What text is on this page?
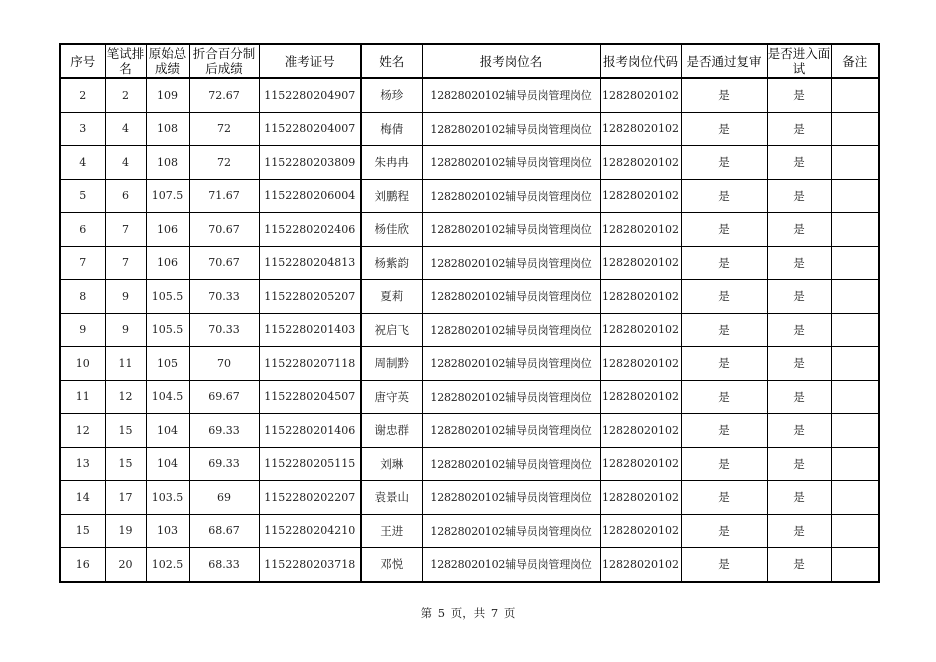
序号	笔试排名	原始总成绩	折合百分制后成绩	准考证号	姓名	报考岗位名	报考岗位代码	是否通过复审	是否进入面试	备注
2	2	109	72.67	1152280204907	杨珍	12828020102辅导员岗管理岗位	12828020102	是	是	
3	4	108	72	1152280204007	梅倩	12828020102辅导员岗管理岗位	12828020102	是	是	
4	4	108	72	1152280203809	朱冉冉	12828020102辅导员岗管理岗位	12828020102	是	是	
5	6	107.5	71.67	1152280206004	刘鹏程	12828020102辅导员岗管理岗位	12828020102	是	是	
6	7	106	70.67	1152280202406	杨佳欣	12828020102辅导员岗管理岗位	12828020102	是	是	
7	7	106	70.67	1152280204813	杨紫韵	12828020102辅导员岗管理岗位	12828020102	是	是	
8	9	105.5	70.33	1152280205207	夏莉	12828020102辅导员岗管理岗位	12828020102	是	是	
9	9	105.5	70.33	1152280201403	祝启飞	12828020102辅导员岗管理岗位	12828020102	是	是	
10	11	105	70	1152280207118	周制黔	12828020102辅导员岗管理岗位	12828020102	是	是	
11	12	104.5	69.67	1152280204507	唐守英	12828020102辅导员岗管理岗位	12828020102	是	是	
12	15	104	69.33	1152280201406	谢忠群	12828020102辅导员岗管理岗位	12828020102	是	是	
13	15	104	69.33	1152280205115	刘琳	12828020102辅导员岗管理岗位	12828020102	是	是	
14	17	103.5	69	1152280202207	袁景山	12828020102辅导员岗管理岗位	12828020102	是	是	
15	19	103	68.67	1152280204210	王进	12828020102辅导员岗管理岗位	12828020102	是	是	
16	20	102.5	68.33	1152280203718	邓悦	12828020102辅导员岗管理岗位	12828020102	是	是	
第 5 页，共 7 页
